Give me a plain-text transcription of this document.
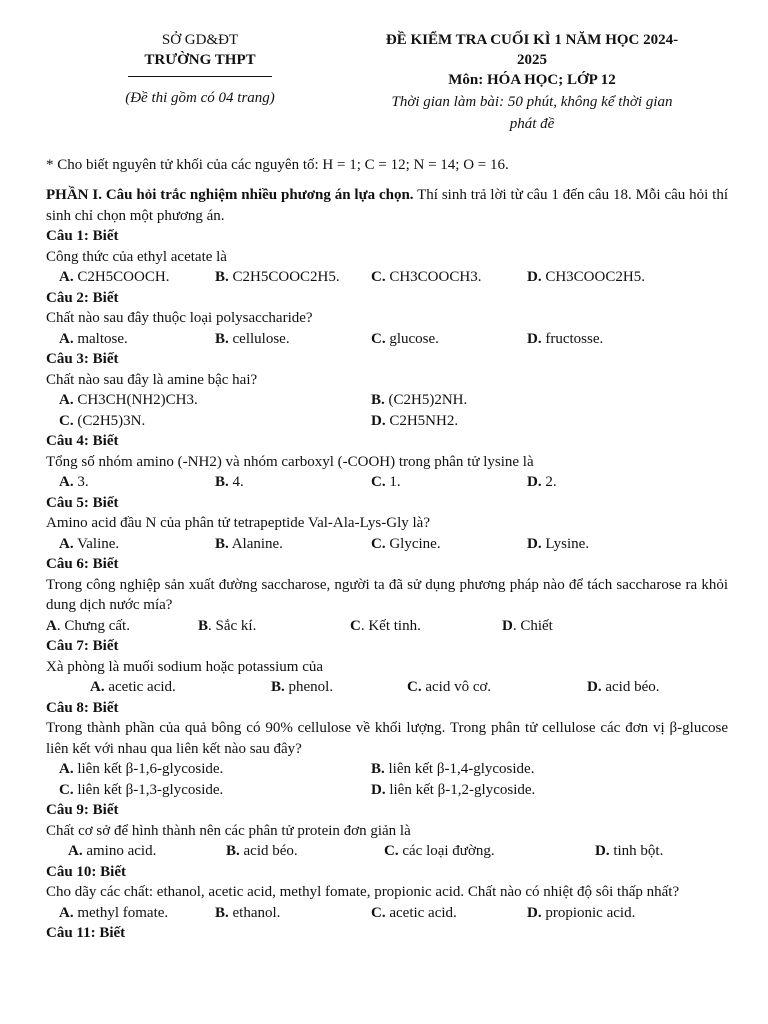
SỞ GD&ĐT
TRƯỜNG THPT
(Đề thi gồm có 04 trang)
ĐỀ KIỂM TRA CUỐI KÌ 1 NĂM HỌC 2024-
2025
Môn: HÓA HỌC; LỚP 12
Thời gian làm bài: 50 phút, không kể thời gian
phát đề
* Cho biết nguyên tử khối của các nguyên tố: H = 1; C = 12; N = 14; O = 16.
PHẦN I. Câu hỏi trắc nghiệm nhiều phương án lựa chọn. Thí sinh trả lời từ câu 1 đến câu 18. Mỗi câu hỏi thí sinh chỉ chọn một phương án.
Câu 1: Biết
Công thức của ethyl acetate là
A. C2H5COOCH.	B. C2H5COOC2H5.	C. CH3COOCH3.	D. CH3COOC2H5.
Câu 2: Biết
Chất nào sau đây thuộc loại polysaccharide?
A. maltose.	B. cellulose.	C. glucose.	D. fructosse.
Câu 3: Biết
Chất nào sau đây là amine bậc hai?
A. CH3CH(NH2)CH3.	B. (C2H5)2NH.
C. (C2H5)3N.	D. C2H5NH2.
Câu 4: Biết
Tổng số nhóm amino (-NH2) và nhóm carboxyl (-COOH) trong phân tử lysine là
A. 3.	B. 4.	C. 1.	D. 2.
Câu 5: Biết
Amino acid đầu N của phân tử tetrapeptide Val-Ala-Lys-Gly là?
A. Valine.	B. Alanine.	C. Glycine.	D. Lysine.
Câu 6: Biết
Trong công nghiệp sản xuất đường saccharose, người ta đã sử dụng phương pháp nào để tách saccharose ra khỏi dung dịch nước mía?
A. Chưng cất.	B. Sắc kí.	C. Kết tinh.	D. Chiết
Câu 7: Biết
Xà phòng là muối sodium hoặc potassium của
A. acetic acid.	B. phenol.	C. acid vô cơ.	D. acid béo.
Câu 8: Biết
Trong thành phần của quả bông có 90% cellulose về khối lượng. Trong phân tử cellulose các đơn vị β-glucose liên kết với nhau qua liên kết nào sau đây?
A. liên kết β-1,6-glycoside.	B. liên kết β-1,4-glycoside.
C. liên kết β-1,3-glycoside.	D. liên kết β-1,2-glycoside.
Câu 9: Biết
Chất cơ sở để hình thành nên các phân tử protein đơn giản là
A. amino acid.	B. acid béo.	C. các loại đường.	D. tinh bột.
Câu 10: Biết
Cho dãy các chất: ethanol, acetic acid, methyl fomate, propionic acid. Chất nào có nhiệt độ sôi thấp nhất?
A. methyl fomate.	B. ethanol.	C. acetic acid.	D. propionic acid.
Câu 11: Biết
